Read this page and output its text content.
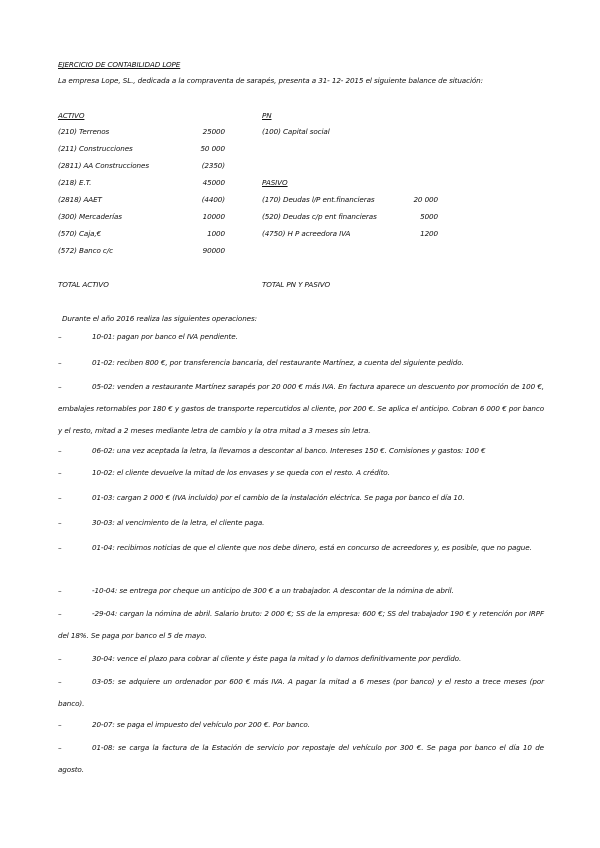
EJERCICIO DE CONTABILIDAD LOPE
La empresa Lope, SL., dedicada a la compraventa de sarapés, presenta a 31- 12- 2015 el siguiente balance de situación:
ACTIVO
(210) Terrenos	25000
(211) Construcciones	50 000
(2811) AA Construcciones	(2350)
(218) E.T.	45000
(2818) AAET	(4400)
(300) Mercaderías	10000
(570) Caja,€	1000
(572) Banco c/c	90000
TOTAL ACTIVO
PN
(100) Capital social
PASIVO
(170) Deudas l/P ent.financieras	20 000
(520) Deudas c/p ent financieras	5000
(4750) H P acreedora IVA	1200
TOTAL PN Y PASIVO
Durante el año 2016 realiza las siguientes operaciones:
–10-01: pagan por banco el IVA pendiente.
–01-02: reciben 800 €, por transferencia bancaria, del restaurante Martínez, a cuenta del siguiente pedido.
–05-02: venden a restaurante Martínez sarapés por 20 000 € más IVA. En factura aparece un descuento por promoción de 100 €, embalajes retornables por 180 € y gastos de transporte repercutidos al cliente, por 200 €. Se aplica el anticipo. Cobran 6 000 € por banco y el resto, mitad a 2 meses mediante letra de cambio y la otra mitad a 3 meses sin letra.
–06-02: una vez aceptada la letra, la llevamos a descontar al banco. Intereses 150 €. Comisiones y gastos: 100 €
–10-02: el cliente devuelve la mitad de los envases y se queda con el resto. A crédito.
–01-03: cargan 2 000 € (IVA incluido) por el cambio de la instalación eléctrica. Se paga por banco el día 10.
–30-03: al vencimiento de la letra, el cliente paga.
–01-04: recibimos noticias de que el cliente que nos debe dinero, está en concurso de acreedores y, es posible, que no pague.
–-10-04: se entrega por cheque un anticipo de 300 € a un trabajador. A descontar de la nómina de abril.
–-29-04: cargan la nómina de abril. Salario bruto: 2 000 €; SS de la empresa: 600 €; SS del trabajador 190 € y retención por IRPF del 18%. Se paga por banco el 5 de mayo.
–30-04: vence el plazo para cobrar al cliente y éste paga la mitad y lo damos definitivamente por perdido.
–03-05: se adquiere un ordenador por 600 € más IVA. A pagar la mitad a 6 meses (por banco) y el resto a trece meses (por banco).
–20-07: se paga el impuesto del vehículo por 200 €. Por banco.
–01-08: se carga la factura de la Estación de servicio por repostaje del vehículo por 300 €. Se paga por banco el día 10 de agosto.
